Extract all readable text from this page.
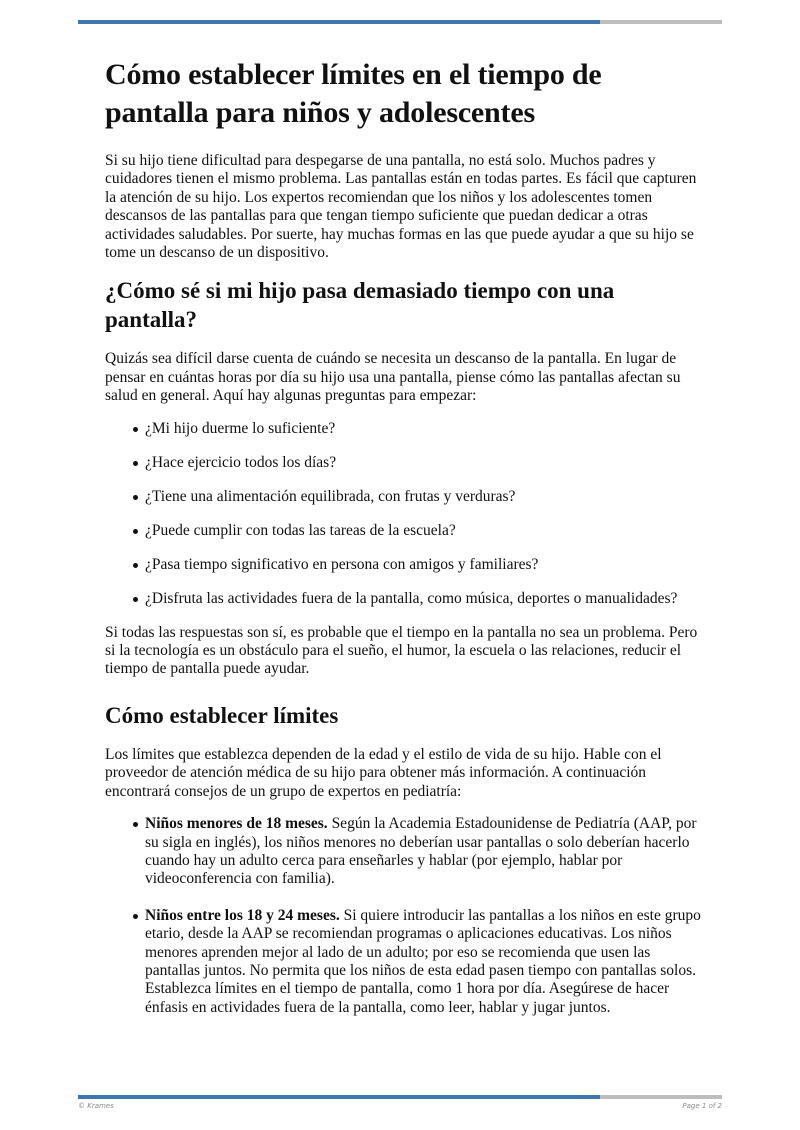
Cómo establecer límites en el tiempo de pantalla para niños y adolescentes

Si su hijo tiene dificultad para despegarse de una pantalla, no está solo. Muchos padres y cuidadores tienen el mismo problema. Las pantallas están en todas partes. Es fácil que capturen la atención de su hijo. Los expertos recomiendan que los niños y los adolescentes tomen descansos de las pantallas para que tengan tiempo suficiente que puedan dedicar a otras actividades saludables. Por suerte, hay muchas formas en las que puede ayudar a que su hijo se tome un descanso de un dispositivo.

¿Cómo sé si mi hijo pasa demasiado tiempo con una pantalla?

Quizás sea difícil darse cuenta de cuándo se necesita un descanso de la pantalla. En lugar de pensar en cuántas horas por día su hijo usa una pantalla, piense cómo las pantallas afectan su salud en general. Aquí hay algunas preguntas para empezar:

¿Mi hijo duerme lo suficiente?
¿Hace ejercicio todos los días?
¿Tiene una alimentación equilibrada, con frutas y verduras?
¿Puede cumplir con todas las tareas de la escuela?
¿Pasa tiempo significativo en persona con amigos y familiares?
¿Disfruta las actividades fuera de la pantalla, como música, deportes o manualidades?

Si todas las respuestas son sí, es probable que el tiempo en la pantalla no sea un problema. Pero si la tecnología es un obstáculo para el sueño, el humor, la escuela o las relaciones, reducir el tiempo de pantalla puede ayudar.

Cómo establecer límites

Los límites que establezca dependen de la edad y el estilo de vida de su hijo. Hable con el proveedor de atención médica de su hijo para obtener más información. A continuación encontrará consejos de un grupo de expertos en pediatría:

Niños menores de 18 meses. Según la Academia Estadounidense de Pediatría (AAP, por su sigla en inglés), los niños menores no deberían usar pantallas o solo deberían hacerlo cuando hay un adulto cerca para enseñarles y hablar (por ejemplo, hablar por videoconferencia con familia).
Niños entre los 18 y 24 meses. Si quiere introducir las pantallas a los niños en este grupo etario, desde la AAP se recomiendan programas o aplicaciones educativas. Los niños menores aprenden mejor al lado de un adulto; por eso se recomienda que usen las pantallas juntos. No permita que los niños de esta edad pasen tiempo con pantallas solos. Establezca límites en el tiempo de pantalla, como 1 hora por día. Asegúrese de hacer énfasis en actividades fuera de la pantalla, como leer, hablar y jugar juntos.
© Krames	Page 1 of 2
